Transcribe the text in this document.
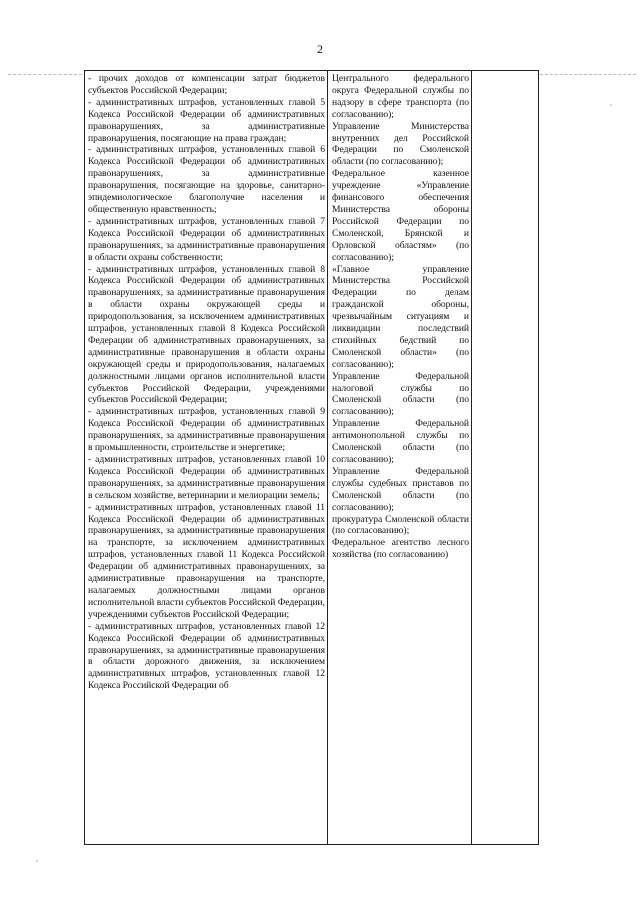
2

- прочих доходов от компенсации затрат бюджетов субъектов Российской Федерации;

- административных штрафов, установленных главой 5 Кодекса Российской Федерации об административных правонарушениях, за административные правонарушения, посягающие на права граждан;

- административных штрафов, установленных главой 6 Кодекса Российской Федерации об административных правонарушениях, за административные правонарушения, посягающие на здоровье, санитарно-эпидемиологическое благополучие населения и общественную нравственность;

- административных штрафов, установленных главой 7 Кодекса Российской Федерации об административных правонарушениях, за административные правонарушения в области охраны собственности;

- административных штрафов, установленных главой 8 Кодекса Российской Федерации об административных правонарушениях, за административные правонарушения в области охраны окружающей среды и природопользования, за исключением административных штрафов, установленных главой 8 Кодекса Российской Федерации об административных правонарушениях, за административные правонарушения в области охраны окружающей среды и природопользования, налагаемых должностными лицами органов исполнительной власти субъектов Российской Федерации, учреждениями субъектов Российской Федерации;

- административных штрафов, установленных главой 9 Кодекса Российской Федерации об административных правонарушениях, за административные правонарушения в промышленности, строительстве и энергетике;

- административных штрафов, установленных главой 10 Кодекса Российской Федерации об административных правонарушениях, за административные правонарушения в сельском хозяйстве, ветеринарии и мелиорации земель;

- административных штрафов, установленных главой 11 Кодекса Российской Федерации об административных правонарушениях, за административные правонарушения на транспорте, за исключением административных штрафов, установленных главой 11 Кодекса Российской Федерации об административных правонарушениях, за административные правонарушения на транспорте, налагаемых должностными лицами органов исполнительной власти субъектов Российской Федерации, учреждениями субъектов Российской Федерации;

- административных штрафов, установленных главой 12 Кодекса Российской Федерации об административных правонарушениях, за административные правонарушения в области дорожного движения, за исключением административных штрафов, установленных главой 12 Кодекса Российской Федерации об

Центрального федерального округа Федеральной службы по надзору в сфере транспорта (по согласованию);

Управление Министерства внутренних дел Российской Федерации по Смоленской области (по согласованию);

Федеральное казенное учреждение «Управление финансового обеспечения Министерства обороны Российской Федерации по Смоленской, Брянской и Орловской областям» (по согласованию);

«Главное управление Министерства Российской Федерации по делам гражданской обороны, чрезвычайным ситуациям и ликвидации последствий стихийных бедствий по Смоленской области» (по согласованию);

Управление Федеральной налоговой службы по Смоленской области (по согласованию);

Управление Федеральной антимонопольной службы по Смоленской области (по согласованию);

Управление Федеральной службы судебных приставов по Смоленской области (по согласованию);

прокуратура Смоленской области (по согласованию);

Федеральное агентство лесного хозяйства (по согласованию)
